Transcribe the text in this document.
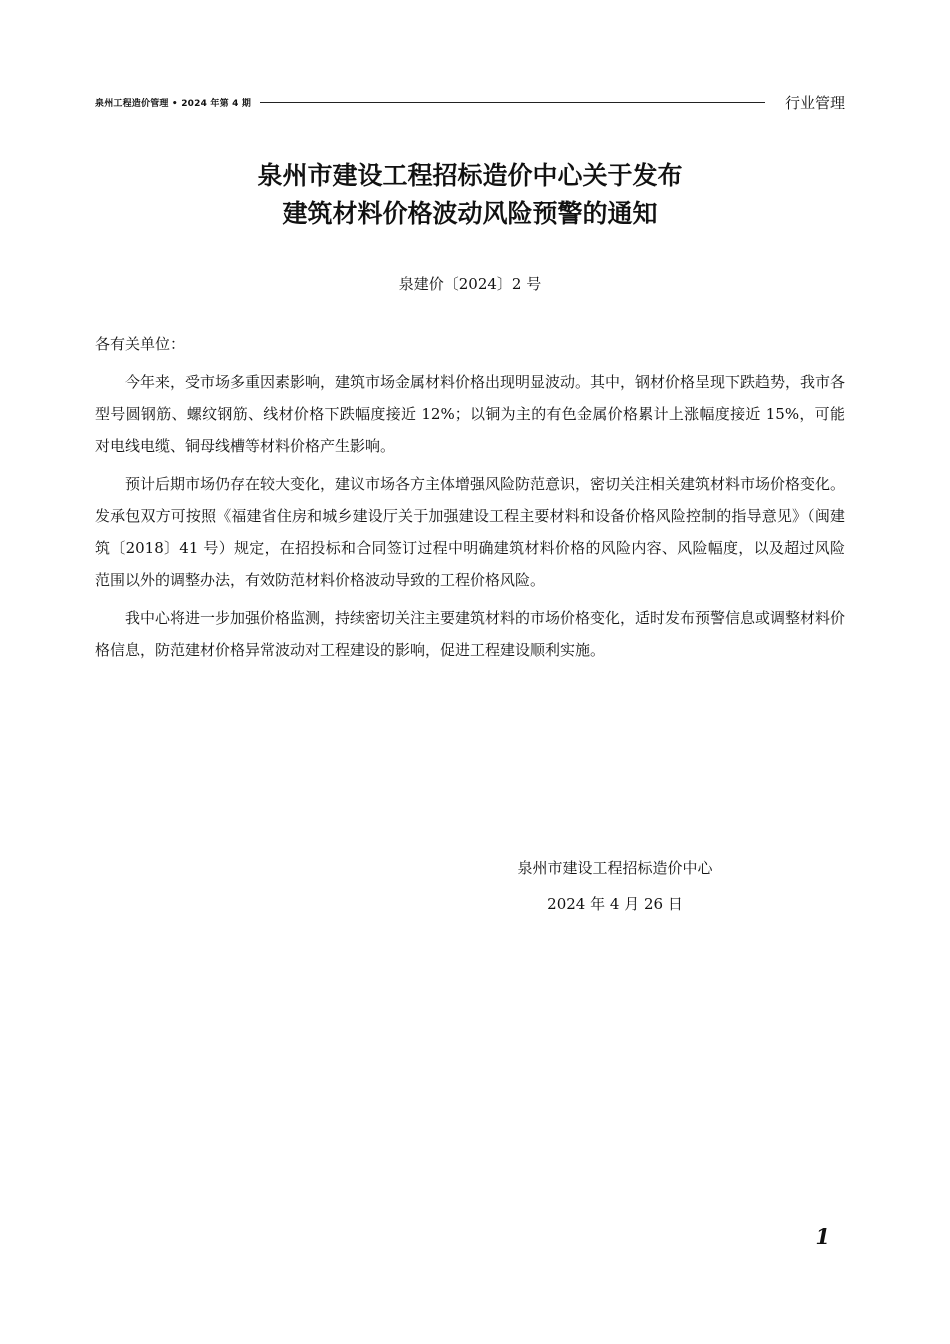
泉州工程造价管理 • 2024 年第 4 期	行业管理
泉州市建设工程招标造价中心关于发布
建筑材料价格波动风险预警的通知
泉建价〔2024〕2 号
各有关单位：

今年来，受市场多重因素影响，建筑市场金属材料价格出现明显波动。其中，钢材价格呈现下跌趋势，我市各型号圆钢筋、螺纹钢筋、线材价格下跌幅度接近 12%；以铜为主的有色金属价格累计上涨幅度接近 15%，可能对电线电缆、铜母线槽等材料价格产生影响。

预计后期市场仍存在较大变化，建议市场各方主体增强风险防范意识，密切关注相关建筑材料市场价格变化。发承包双方可按照《福建省住房和城乡建设厅关于加强建设工程主要材料和设备价格风险控制的指导意见》（闽建筑〔2018〕41 号）规定，在招投标和合同签订过程中明确建筑材料价格的风险内容、风险幅度，以及超过风险范围以外的调整办法，有效防范材料价格波动导致的工程价格风险。

我中心将进一步加强价格监测，持续密切关注主要建筑材料的市场价格变化，适时发布预警信息或调整材料价格信息，防范建材价格异常波动对工程建设的影响，促进工程建设顺利实施。

泉州市建设工程招标造价中心
2024 年 4 月 26 日
1
